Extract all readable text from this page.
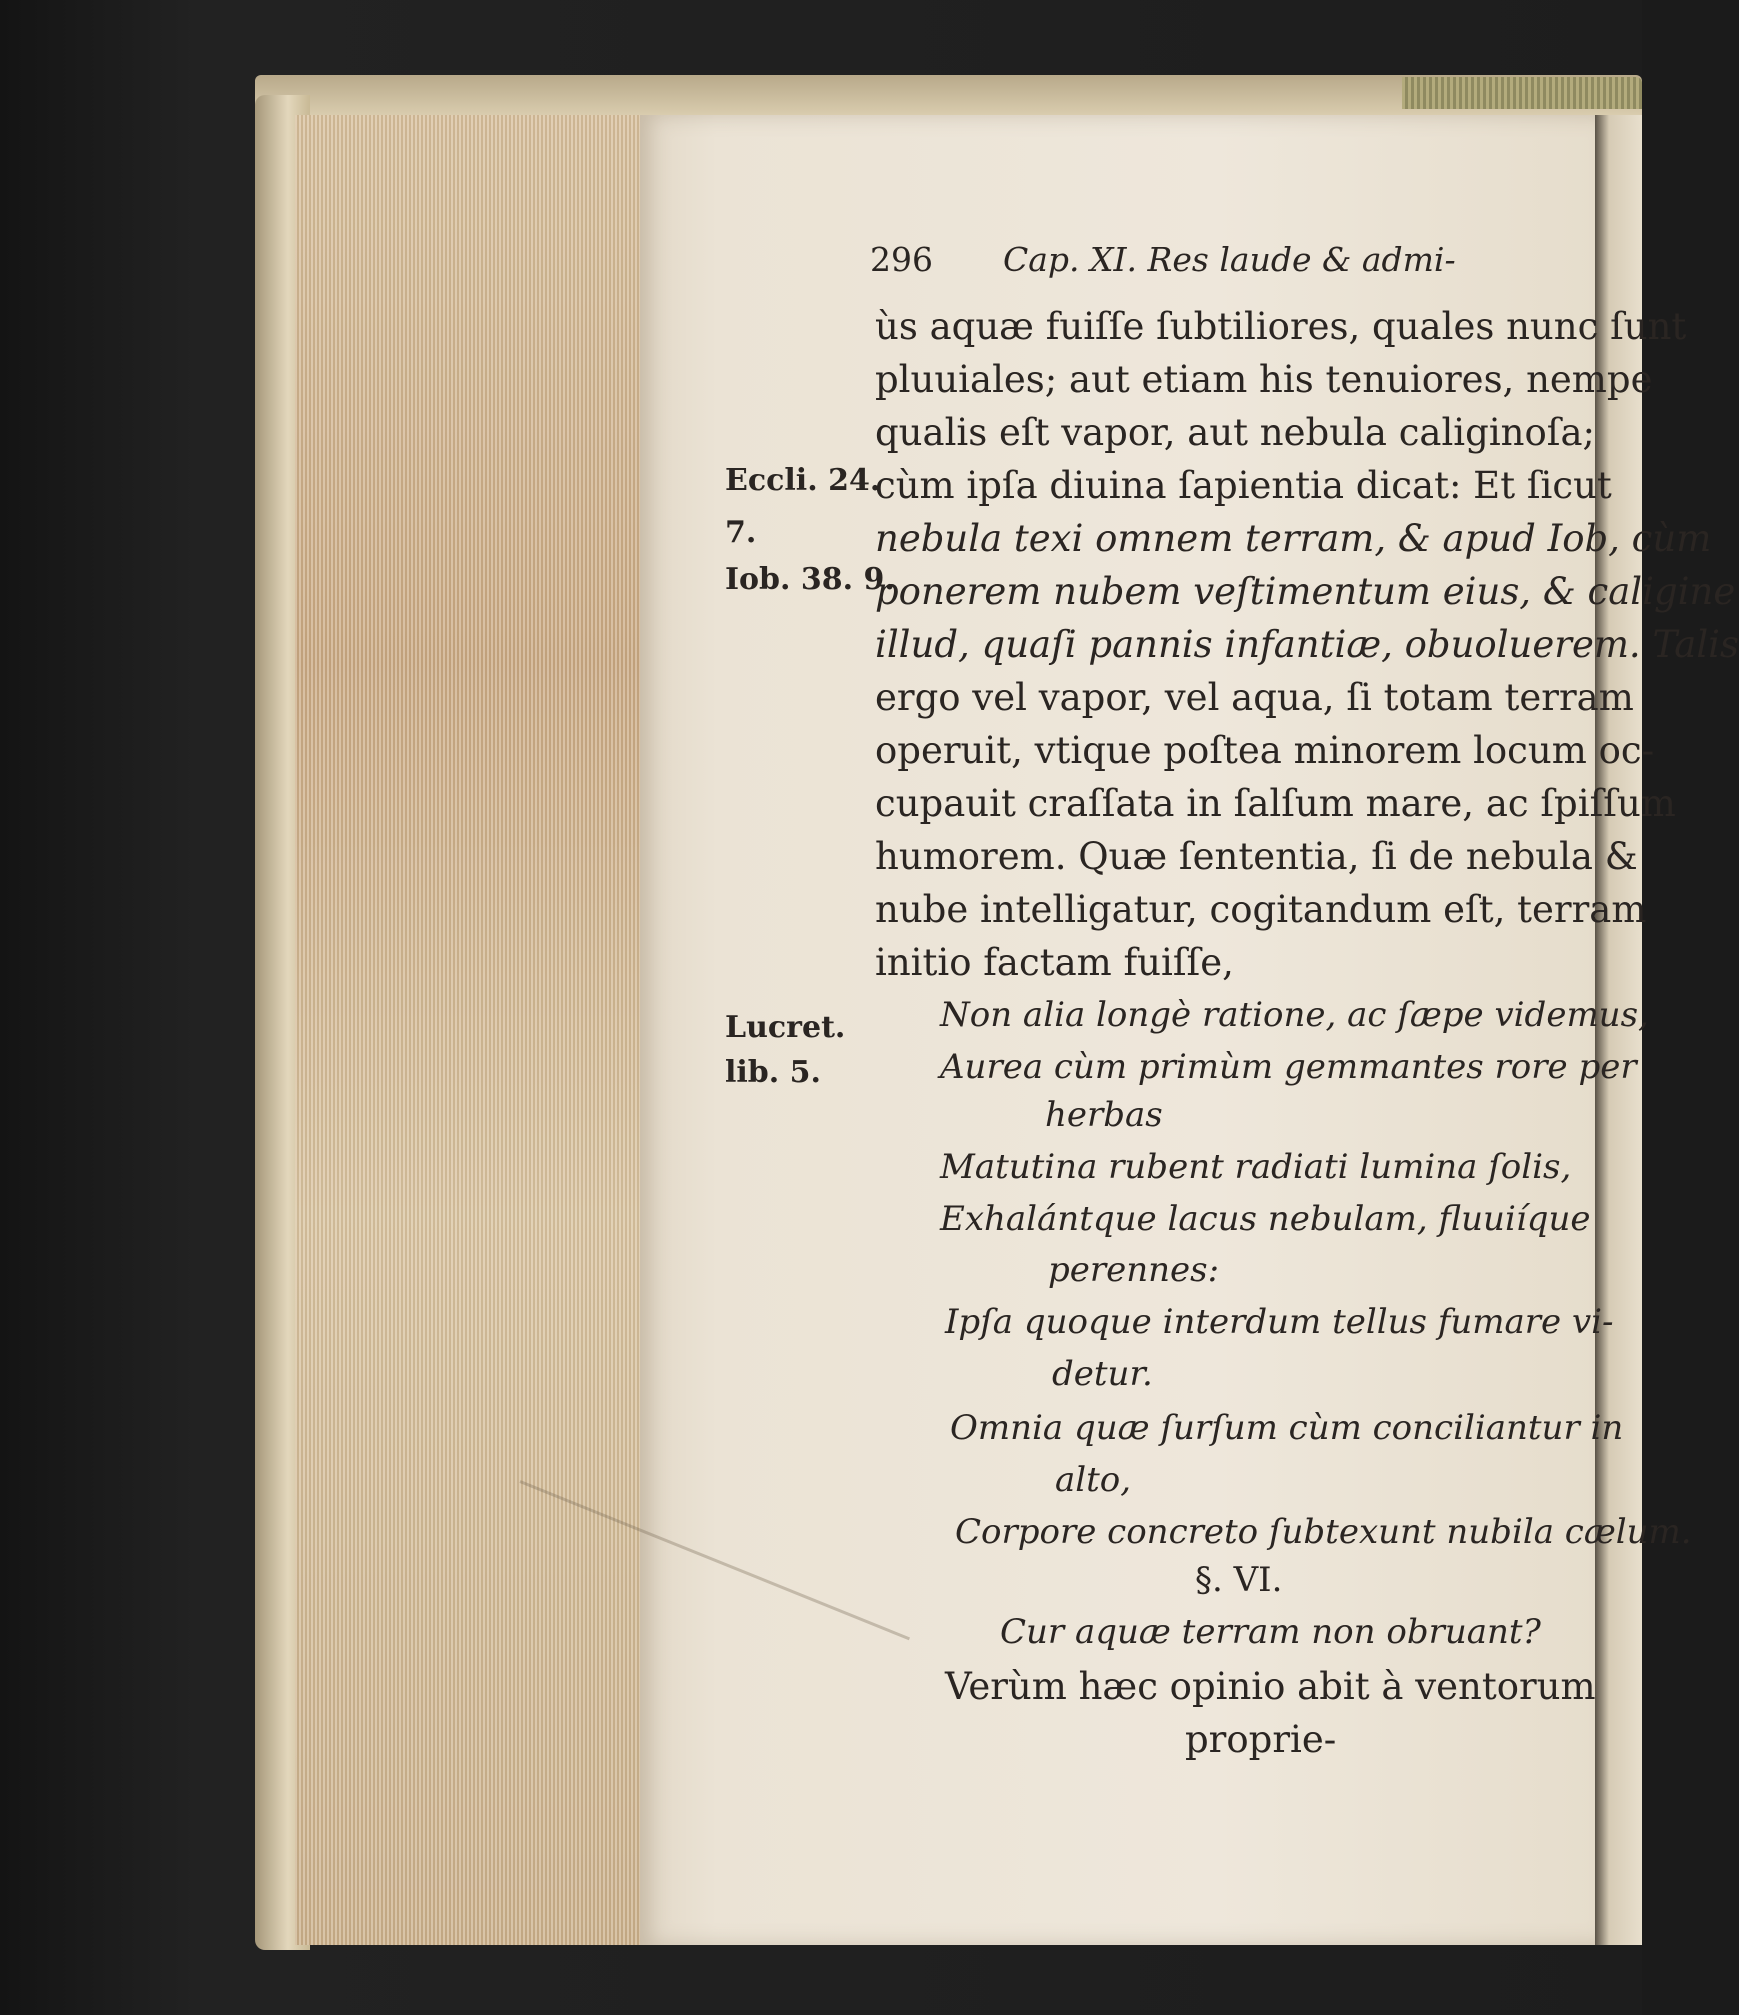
296 Cap. XI. Res laude & admi-
Eccli. 24.
7.
Iob. 38. 9.
Lucret.
lib. 5.
ùs aquæ fuiſſe ſubtiliores, quales nunc ſunt
pluuiales; aut etiam his tenuiores, nempe
qualis eſt vapor, aut nebula caliginoſa;
cùm ipſa diuina ſapientia dicat: Et ſicut
nebula texi omnem terram, & apud Iob, cùm
ponerem nubem veſtimentum eius, & caligine
illud, quaſi pannis infantiæ, obuoluerem. Talis
ergo vel vapor, vel aqua, ſi totam terram
operuit, vtique poſtea minorem locum oc-
cupauit craſſata in ſalſum mare, ac ſpiſſum
humorem. Quæ ſententia, ſi de nebula &
nube intelligatur, cogitandum eſt, terram
initio factam fuiſſe,
Non alia longè ratione, ac ſæpe videmus,
Aurea cùm primùm gemmantes rore per
herbas
Matutina rubent radiati lumina ſolis,
Exhalántque lacus nebulam, fluuiíque
perennes:
Ipſa quoque interdum tellus fumare vi-
detur.
Omnia quæ ſurſum cùm conciliantur in
alto,
Corpore concreto ſubtexunt nubila cælum.
§. VI.
Cur aquæ terram non obruant?
Verùm hæc opinio abit à ventorum
proprie-
